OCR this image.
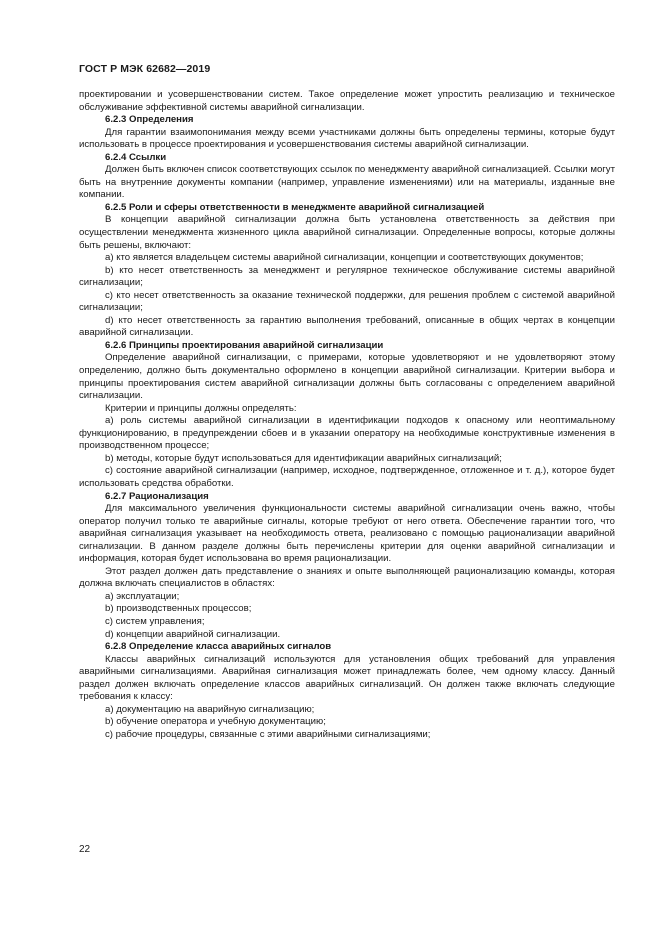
ГОСТ Р МЭК 62682—2019

проектировании и усовершенствовании систем. Такое определение может упростить реализацию и техническое обслуживание эффективной системы аварийной сигнализации.

6.2.3 Определения

Для гарантии взаимопонимания между всеми участниками должны быть определены термины, которые будут использовать в процессе проектирования и усовершенствования системы аварийной сигнализации.

6.2.4 Ссылки

Должен быть включен список соответствующих ссылок по менеджменту аварийной сигнализацией. Ссылки могут быть на внутренние документы компании (например, управление изменениями) или на материалы, изданные вне компании.

6.2.5 Роли и сферы ответственности в менеджменте аварийной сигнализацией

В концепции аварийной сигнализации должна быть установлена ответственность за действия при осуществлении менеджмента жизненного цикла аварийной сигнализации. Определенные вопросы, которые должны быть решены, включают:

a) кто является владельцем системы аварийной сигнализации, концепции и соответствующих документов;

b) кто несет ответственность за менеджмент и регулярное техническое обслуживание системы аварийной сигнализации;

c) кто несет ответственность за оказание технической поддержки, для решения проблем с системой аварийной сигнализации;

d) кто несет ответственность за гарантию выполнения требований, описанные в общих чертах в концепции аварийной сигнализации.

6.2.6 Принципы проектирования аварийной сигнализации

Определение аварийной сигнализации, с примерами, которые удовлетворяют и не удовлетворяют этому определению, должно быть документально оформлено в концепции аварийной сигнализации. Критерии выбора и принципы проектирования систем аварийной сигнализации должны быть согласованы с определением аварийной сигнализации.

Критерии и принципы должны определять:

a) роль системы аварийной сигнализации в идентификации подходов к опасному или неоптимальному функционированию, в предупреждении сбоев и в указании оператору на необходимые конструктивные изменения в производственном процессе;

b) методы, которые будут использоваться для идентификации аварийных сигнализаций;

c) состояние аварийной сигнализации (например, исходное, подтвержденное, отложенное и т. д.), которое будет использовать средства обработки.

6.2.7 Рационализация

Для максимального увеличения функциональности системы аварийной сигнализации очень важно, чтобы оператор получил только те аварийные сигналы, которые требуют от него ответа. Обеспечение гарантии того, что аварийная сигнализация указывает на необходимость ответа, реализовано с помощью рационализации аварийной сигнализации. В данном разделе должны быть перечислены критерии для оценки аварийной сигнализации и информация, которая будет использована во время рационализации.

Этот раздел должен дать представление о знаниях и опыте выполняющей рационализацию команды, которая должна включать специалистов в областях:

a) эксплуатации;

b) производственных процессов;

c) систем управления;

d) концепции аварийной сигнализации.

6.2.8 Определение класса аварийных сигналов

Классы аварийных сигнализаций используются для установления общих требований для управления аварийными сигнализациями. Аварийная сигнализация может принадлежать более, чем одному классу. Данный раздел должен включать определение классов аварийных сигнализаций. Он должен также включать следующие требования к классу:

a) документацию на аварийную сигнализацию;

b) обучение оператора и учебную документацию;

c) рабочие процедуры, связанные с этими аварийными сигнализациями;

22
